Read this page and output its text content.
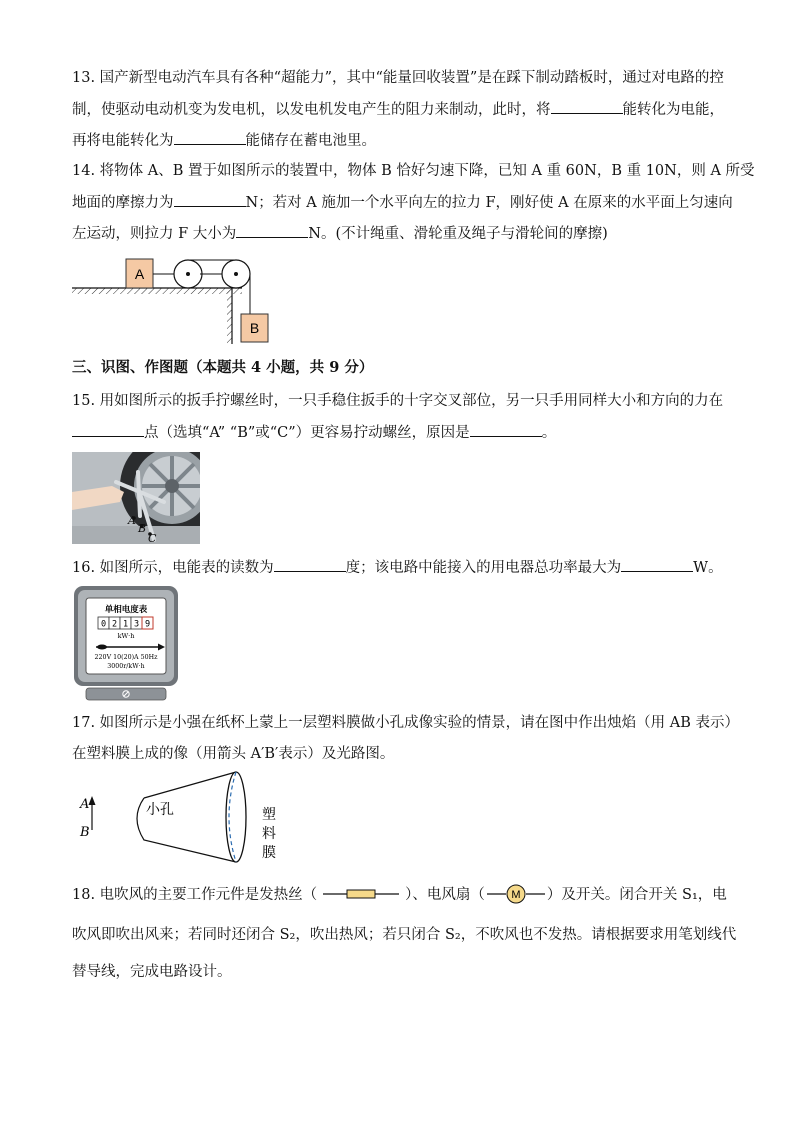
13. 国产新型电动汽车具有各种“超能力”，其中“能量回收装置”是在踩下制动踏板时，通过对电路的控
制，使驱动电动机变为发电机，以发电机发电产生的阻力来制动，此时，将	能转化为电能，
再将电能转化为	能储存在蓄电池里。
14. 将物体 A、B 置于如图所示的装置中，物体 B 恰好匀速下降，已知 A 重 60N，B 重 10N，则 A 所受
地面的摩擦力为	N；若对 A 施加一个水平向左的拉力 F，刚好使 A 在原来的水平面上匀速向
左运动，则拉力 F 大小为	N。(不计绳重、滑轮重及绳子与滑轮间的摩擦)
A
B
三、识图、作图题（本题共 4 小题，共 9 分）
15. 用如图所示的扳手拧螺丝时，一只手稳住扳手的十字交叉部位，另一只手用同样大小和方向的力在
点（选填“A” “B”或“C”）更容易拧动螺丝，原因是	。
A
B
C
16. 如图所示，电能表的读数为	度；该电路中能接入的用电器总功率最大为	W。
单相电度表
0 2 1 3 9
kW·h
220V 10(20)A 50Hz
3000r/kW·h
17. 如图所示是小强在纸杯上蒙上一层塑料膜做小孔成像实验的情景，请在图中作出烛焰（用 AB 表示）
在塑料膜上成的像（用箭头 A′B′表示）及光路图。
A
B
小孔	塑
料
膜
18. 电吹风的主要工作元件是发热丝（	）、电风扇（ M ）及开关。闭合开关 S₁，电
吹风即吹出风来；若同时还闭合 S₂，吹出热风；若只闭合 S₂，不吹风也不发热。请根据要求用笔划线代
替导线，完成电路设计。
